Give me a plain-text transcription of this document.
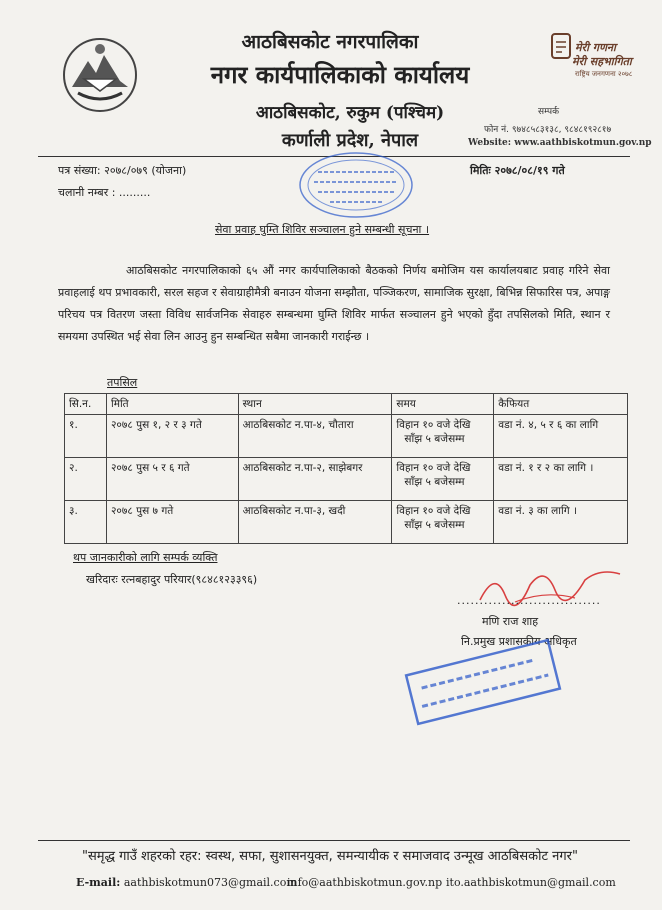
आठबिसकोट नगरपालिका
नगर कार्यपालिकाको कार्यालय
आठबिसकोट, रुकुम (पश्चिम)
कर्णाली प्रदेश, नेपाल
मेरी गणना
मेरी सहभागिता
राष्ट्रिय जनगणना २०७८
सम्पर्क
फोन नं. ९७४८५८३१३८, ९८४८१९२८१७
Website: www.aathbiskotmun.gov.np
पत्र संख्या: २०७८/०७९ (योजना)
चलानी नम्बर : .........
मितिः २०७८/०८/१९ गते
सेवा प्रवाह घुम्ति शिविर सञ्चालन हुने सम्बन्धी सूचना ।
आठबिसकोट नगरपालिकाको ६५ औं नगर कार्यपालिकाको बैठकको निर्णय बमोजिम यस कार्यालयबाट प्रवाह गरिने सेवा प्रवाहलाई थप प्रभावकारी, सरल सहज र सेवाग्राहीमैत्री बनाउन योजना सम्झौता, पञ्जिकरण, सामाजिक सुरक्षा, बिभिन्न सिफारिस पत्र, अपाङ्ग परिचय पत्र वितरण जस्ता विविध सार्वजनिक सेवाहरु सम्बन्धमा घुम्ति शिविर मार्फत सञ्चालन हुने भएको हुँदा तपसिलको मिति, स्थान र समयमा उपस्थित भई सेवा लिन आउनु हुन सम्बन्धित सबैमा जानकारी गराईन्छ ।
तपसिल
सि.न.	मिति	स्थान	समय	कैफियत
१.	२०७८ पुस १, २ र ३ गते	आठबिसकोट न.पा-४, चौतारा	विहान १० वजे देखि
साँझ ५ बजेसम्म	वडा नं. ४, ५ र ६ का लागि
२.	२०७८ पुस ५ र ६ गते	आठबिसकोट न.पा-२, साझेबगर	विहान १० वजे देखि
साँझ ५ बजेसम्म	वडा नं. १ र २ का लागि ।
३.	२०७८ पुस ७ गते	आठबिसकोट न.पा-३, खदी	विहान १० वजे देखि
साँझ ५ बजेसम्म	वडा नं. ३ का लागि ।
थप जानकारीको लागि सम्पर्क व्यक्ति
खरिदारः रत्नबहादुर परियार(९८४८१२३३९६)
................................
मणि राज शाह
नि.प्रमुख प्रशासकीय अधिकृत
"समृद्ध गाउँ शहरको रहर: स्वस्थ, सफा, सुशासनयुक्त, समन्यायीक र समाजवाद उन्मूख आठबिसकोट नगर"
E-mail: aathbiskotmun073@gmail.com
info@aathbiskotmun.gov.np ito.aathbiskotmun@gmail.com
